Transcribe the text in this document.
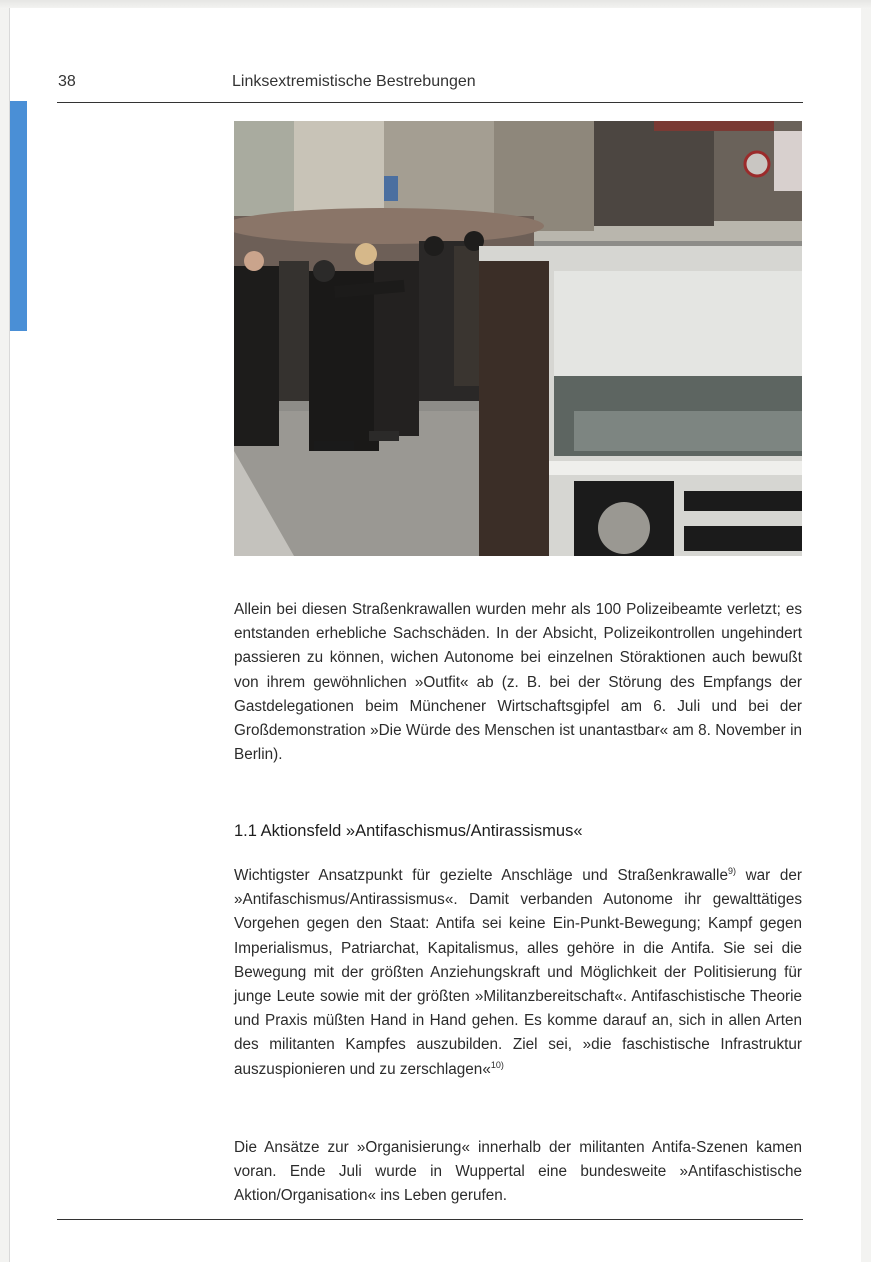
38	Linksextremistische Bestrebungen
Allein bei diesen Straßenkrawallen wurden mehr als 100 Polizeibeamte verletzt; es entstanden erhebliche Sachschäden. In der Absicht, Polizeikontrollen ungehindert passieren zu können, wichen Autonome bei einzelnen Störaktionen auch bewußt von ihrem gewöhnlichen »Outfit« ab (z. B. bei der Störung des Empfangs der Gastdelegationen beim Münchener Wirtschaftsgipfel am 6. Juli und bei der Großdemonstration »Die Würde des Menschen ist unantastbar« am 8. November in Berlin).
1.1 Aktionsfeld »Antifaschismus/Antirassismus«
Wichtigster Ansatzpunkt für gezielte Anschläge und Straßenkrawalle$^{9)}$ war der »Antifaschismus/Antirassismus«. Damit verbanden Autonome ihr gewalttätiges Vorgehen gegen den Staat: Antifa sei keine Ein-Punkt-Bewegung; Kampf gegen Imperialismus, Patriarchat, Kapitalismus, alles gehöre in die Antifa. Sie sei die Bewegung mit der größten Anziehungskraft und Möglichkeit der Politisierung für junge Leute sowie mit der größten »Militanzbereitschaft«. Antifaschistische Theorie und Praxis müßten Hand in Hand gehen. Es komme darauf an, sich in allen Arten des militanten Kampfes auszubilden. Ziel sei, »die faschistische Infrastruktur auszuspionieren und zu zerschlagen«$^{10)}$
Die Ansätze zur »Organisierung« innerhalb der militanten Antifa-Szenen kamen voran. Ende Juli wurde in Wuppertal eine bundesweite »Antifaschistische Aktion/Organisation« ins Leben gerufen.
